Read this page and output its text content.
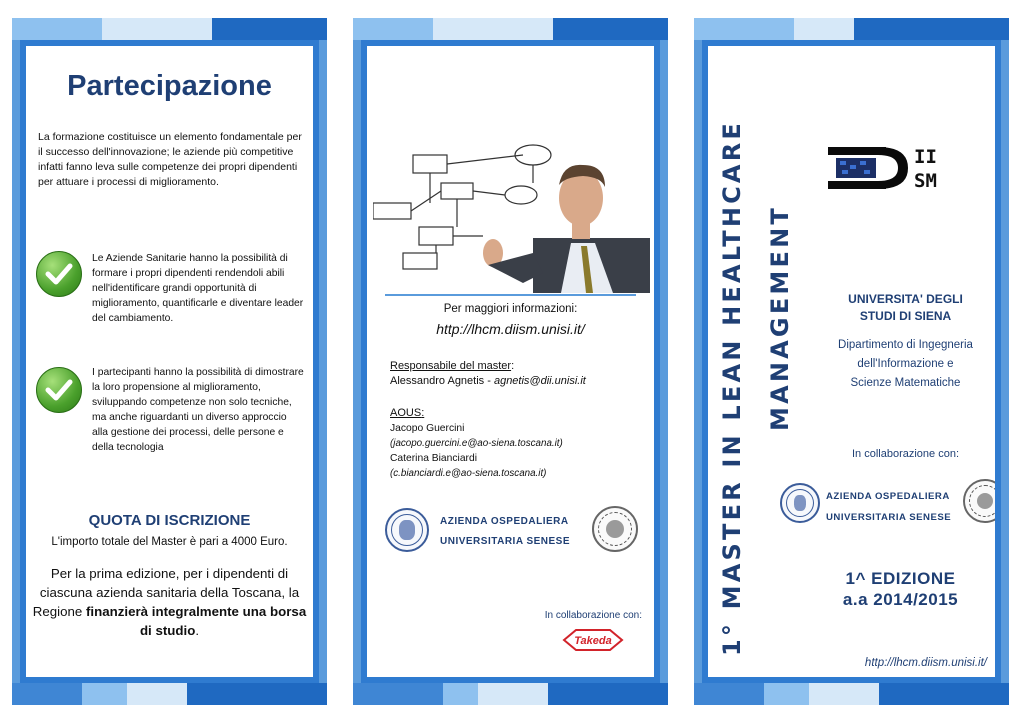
Partecipazione
La formazione costituisce un elemento fondamentale per il successo dell'innovazione; le aziende più competitive infatti fanno leva sulle competenze dei propri dipendenti per attuare i processi di miglioramento.
Le Aziende Sanitarie hanno la possibilità di formare i propri dipendenti rendendoli abili nell'identificare grandi opportunità di miglioramento, quantificarle e diventare leader del cambiamento.
I partecipanti hanno la possibilità di dimostrare la loro propensione al miglioramento, sviluppando competenze non solo tecniche, ma anche riguardanti un diverso approccio alla gestione dei processi, delle persone e della tecnologia
QUOTA DI ISCRIZIONE
L'importo totale del Master è pari a 4000 Euro.
Per la prima edizione, per i dipendenti di ciascuna azienda sanitaria della Toscana, la Regione finanzierà integralmente una borsa di studio.
Per maggiori informazioni:
http://lhcm.diism.unisi.it/
Responsabile del master:
Alessandro Agnetis - agnetis@dii.unisi.it
AOUS:
Jacopo Guercini
(jacopo.guercini.e@ao-siena.toscana.it)
Caterina Bianciardi
(c.bianciardi.e@ao-siena.toscana.it)
AZIENDA OSPEDALIERA
UNIVERSITARIA SENESE
In collaborazione con:
Takeda	1° MASTER IN LEAN HEALTHCARE MANAGEMENT
II
SM
UNIVERSITA' DEGLI
STUDI DI SIENA
Dipartimento di Ingegneria
dell'Informazione e
Scienze Matematiche
In collaborazione con:
AZIENDA OSPEDALIERA
UNIVERSITARIA SENESE
1^ EDIZIONE
a.a 2014/2015
http://lhcm.diism.unisi.it/
